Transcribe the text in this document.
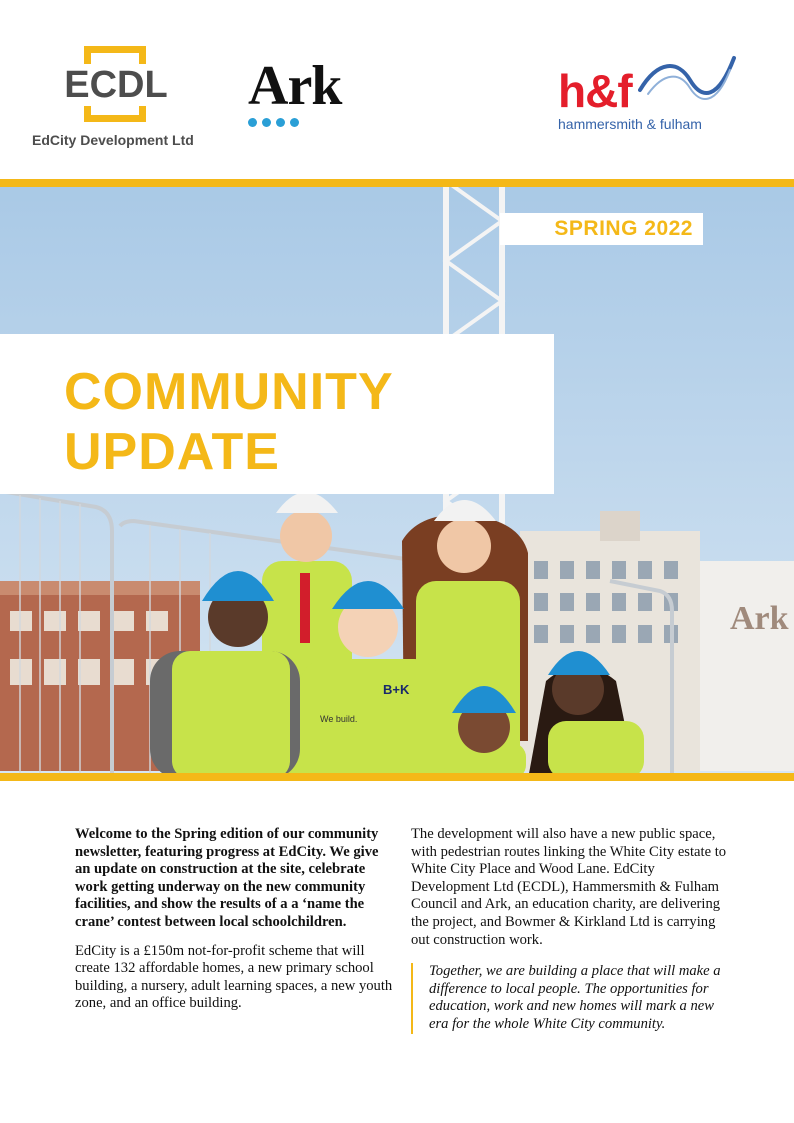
ECDL
EdCity Development Ltd
Ark	h&f
hammersmith & fulham
Ark
We build.
B+K
SPRING 2022
COMMUNITY
UPDATE

Welcome to the Spring edition of our community newsletter, featuring progress at EdCity. We give an update on construction at the site, celebrate work getting underway on the new community facilities, and show the results of a a ‘name the crane’ contest between local schoolchildren.

EdCity is a £150m not-for-profit scheme that will create 132 affordable homes, a new primary school building, a nursery, adult learning spaces, a new youth zone, and an office building.

The development will also have a new public space, with pedestrian routes linking the White City estate to White City Place and Wood Lane. EdCity Development Ltd (ECDL), Hammersmith & Fulham Council and Ark, an education charity, are delivering the project, and Bowmer & Kirkland Ltd is carrying out construction work.

Together, we are building a place that will make a difference to local people. The opportunities for education, work and new homes will mark a new era for the whole White City community.
